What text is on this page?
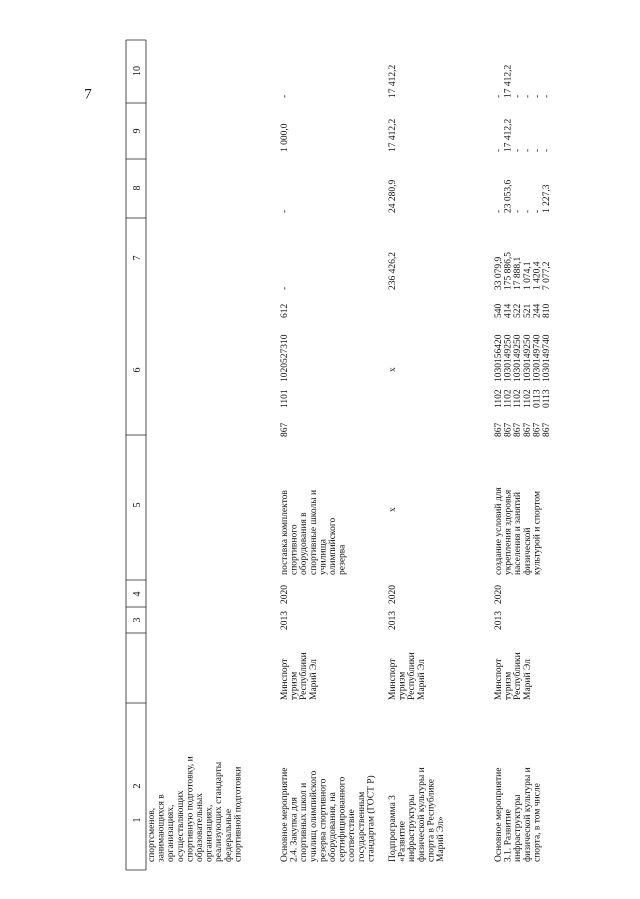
7
1
2
3
4
5
6
7
8
9
10
спортсменов, занимающихся в организациях, осуществляющих спортивную подготовку, и образовательных организациях, реализующих стандарты федеральные спортивной подготовки	Основное мероприятие 2.4. Закупка для спортивных школ и училищ олимпийского резерва спортивного оборудования, на сертифицированного соответствие государственным стандартам (ГОСТ Р)
Минспорт туризм Республики Марий Эл
2013
2020
поставка комплектов спортивного оборудования в спортивные школы и училища олимпийского резерва
867
1101
1020527310
612
-
-
1 000,0
-
Подпрограмма 3 «Развитие инфраструктуры физической культуры и спорта в Республике Марий Эл»
Минспорт туризм Республики Марий Эл
2013
2020
x
x
236 426,2
24 280,9
17 412,2
17 412,2
Основное мероприятие 3.1. Развитие инфраструктуры физической культуры и спорта, в том числе
Минспорт туризм Республики Марий Эл
2013
2020
создание условий для укрепления здоровья населения и занятий физической культурой и спортом
867 867 867 867 867 867
1102 1102 1102 1102 0113 0113
1030156420 1030149250 1030149250 1030149250 1030149740 1030149740
540 414 522 521 244 810
33 079,9 175 886,5 17 888,1 1 074,1 1 420,4 7 077,2
- 23 053,6 - - - 1 227,3
- 17 412,2 - - - -
- 17 412,2 - - - -
